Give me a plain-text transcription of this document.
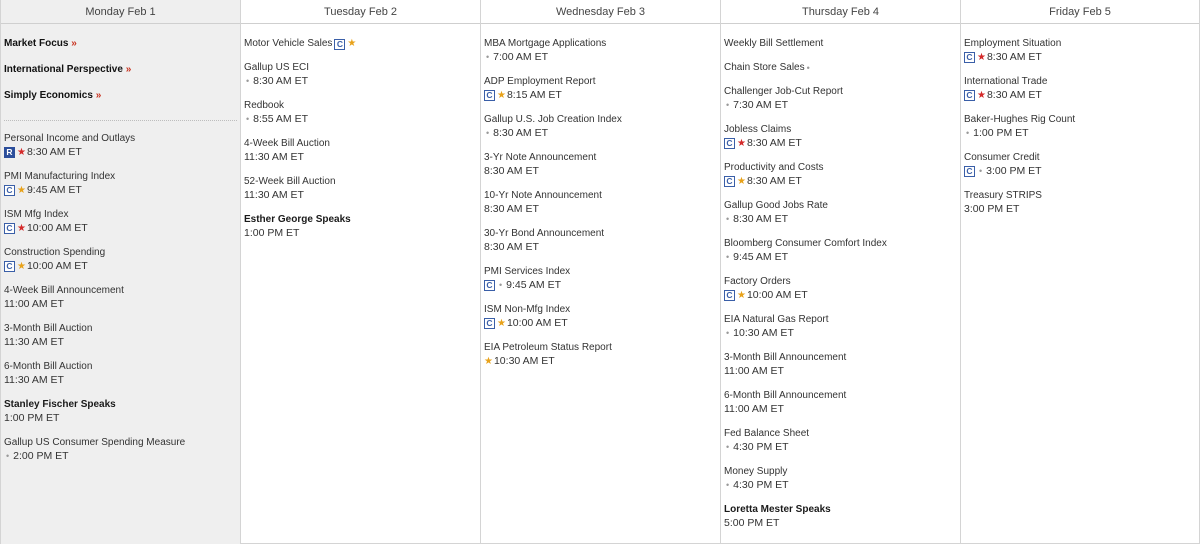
Monday Feb 1
Market Focus »
International Perspective »
Simply Economics »
Personal Income and Outlays
R ★ 8:30 AM ET
PMI Manufacturing Index
C ★ 9:45 AM ET
ISM Mfg Index
C ★ 10:00 AM ET
Construction Spending
C ★ 10:00 AM ET
4-Week Bill Announcement
11:00 AM ET
3-Month Bill Auction
11:30 AM ET
6-Month Bill Auction
11:30 AM ET
Stanley Fischer Speaks
1:00 PM ET
Gallup US Consumer Spending Measure
• 2:00 PM ET
Tuesday Feb 2
Motor Vehicle Sales C ★
Gallup US ECI
• 8:30 AM ET
Redbook
• 8:55 AM ET
4-Week Bill Auction
11:30 AM ET
52-Week Bill Auction
11:30 AM ET
Esther George Speaks
1:00 PM ET
Wednesday Feb 3
MBA Mortgage Applications
• 7:00 AM ET
ADP Employment Report
C ★ 8:15 AM ET
Gallup U.S. Job Creation Index
• 8:30 AM ET
3-Yr Note Announcement
8:30 AM ET
10-Yr Note Announcement
8:30 AM ET
30-Yr Bond Announcement
8:30 AM ET
PMI Services Index
C • 9:45 AM ET
ISM Non-Mfg Index
C ★ 10:00 AM ET
EIA Petroleum Status Report
★ 10:30 AM ET
Thursday Feb 4
Weekly Bill Settlement
Chain Store Sales •
Challenger Job-Cut Report
• 7:30 AM ET
Jobless Claims
C ★ 8:30 AM ET
Productivity and Costs
C ★ 8:30 AM ET
Gallup Good Jobs Rate
• 8:30 AM ET
Bloomberg Consumer Comfort Index
• 9:45 AM ET
Factory Orders
C ★ 10:00 AM ET
EIA Natural Gas Report
• 10:30 AM ET
3-Month Bill Announcement
11:00 AM ET
6-Month Bill Announcement
11:00 AM ET
Fed Balance Sheet
• 4:30 PM ET
Money Supply
• 4:30 PM ET
Loretta Mester Speaks
5:00 PM ET
Friday Feb 5
Employment Situation
C ★ 8:30 AM ET
International Trade
C ★ 8:30 AM ET
Baker-Hughes Rig Count
• 1:00 PM ET
Consumer Credit
C • 3:00 PM ET
Treasury STRIPS
3:00 PM ET
